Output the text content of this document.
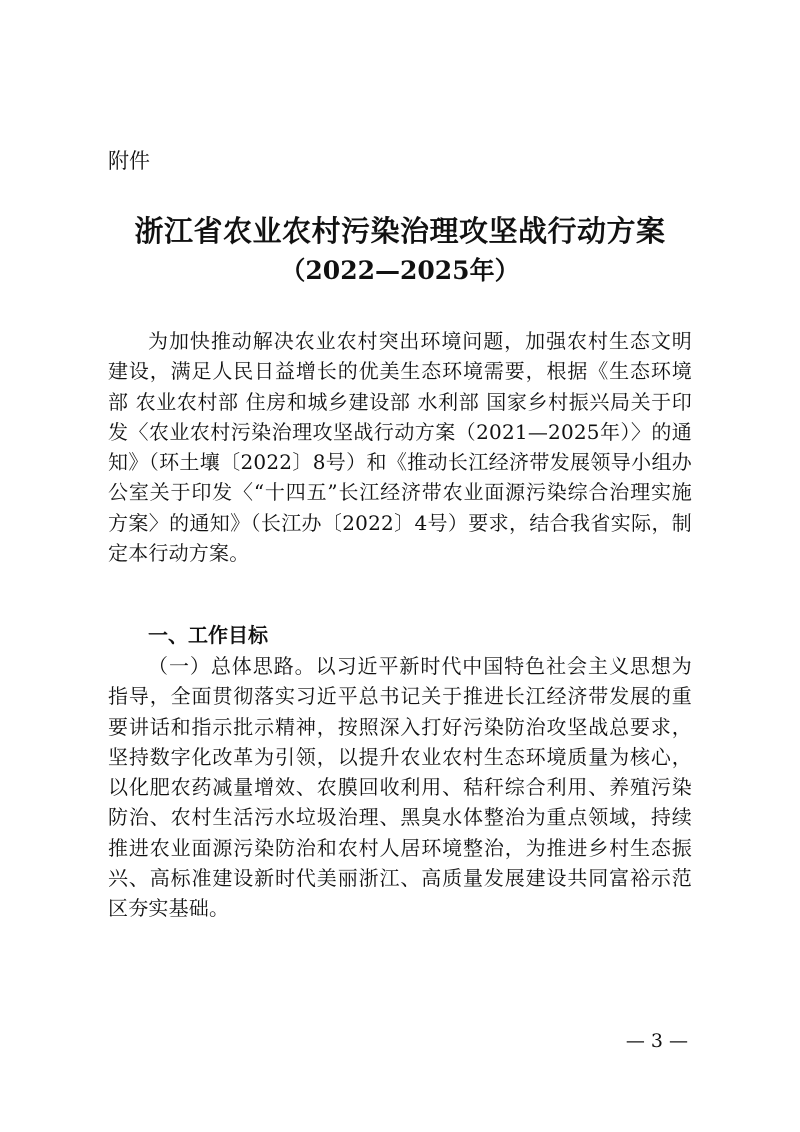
附件
浙江省农业农村污染治理攻坚战行动方案
（2022—2025年）
为加快推动解决农业农村突出环境问题，加强农村生态文明建设，满足人民日益增长的优美生态环境需要，根据《生态环境部 农业农村部 住房和城乡建设部 水利部 国家乡村振兴局关于印发〈农业农村污染治理攻坚战行动方案（2021—2025年）〉的通知》（环土壤〔2022〕8号）和《推动长江经济带发展领导小组办公室关于印发〈“十四五”长江经济带农业面源污染综合治理实施方案〉的通知》（长江办〔2022〕4号）要求，结合我省实际，制定本行动方案。
一、工作目标
（一）总体思路。以习近平新时代中国特色社会主义思想为指导，全面贯彻落实习近平总书记关于推进长江经济带发展的重要讲话和指示批示精神，按照深入打好污染防治攻坚战总要求，坚持数字化改革为引领，以提升农业农村生态环境质量为核心，以化肥农药减量增效、农膜回收利用、秸秆综合利用、养殖污染防治、农村生活污水垃圾治理、黑臭水体整治为重点领域，持续推进农业面源污染防治和农村人居环境整治，为推进乡村生态振兴、高标准建设新时代美丽浙江、高质量发展建设共同富裕示范区夯实基础。
— 3 —
